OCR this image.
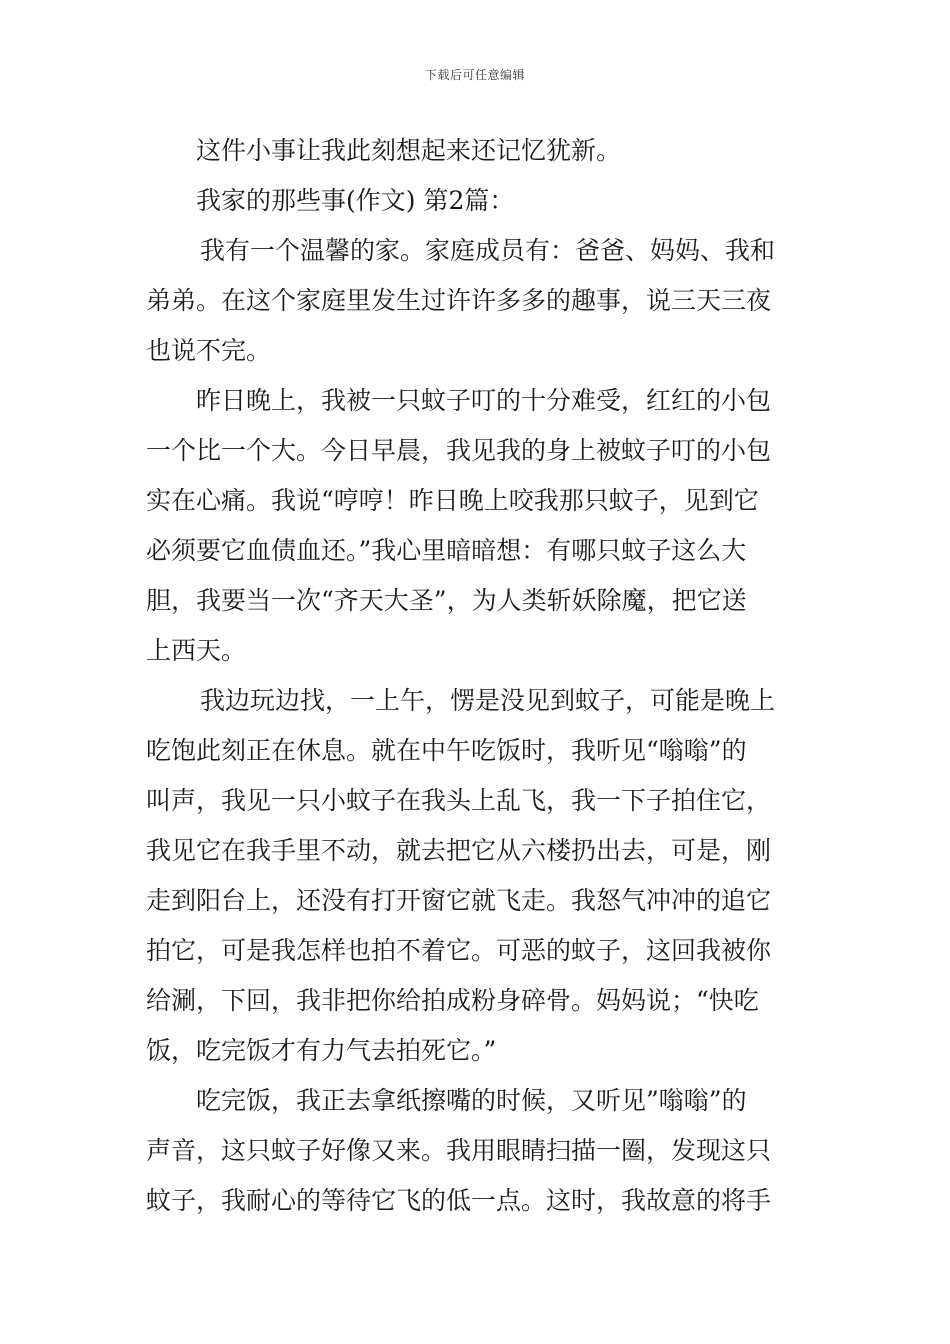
下载后可任意编辑
这件小事让我此刻想起来还记忆犹新。
我家的那些事(作文) 第2篇：
我有一个温馨的家。家庭成员有：爸爸、妈妈、我和
弟弟。在这个家庭里发生过许许多多的趣事，说三天三夜
也说不完。
昨日晚上，我被一只蚊子叮的十分难受，红红的小包
一个比一个大。今日早晨，我见我的身上被蚊子叮的小包
实在心痛。我说“哼哼！昨日晚上咬我那只蚊子，见到它
必须要它血债血还。”我心里暗暗想：有哪只蚊子这么大
胆，我要当一次“齐天大圣”，为人类斩妖除魔，把它送
上西天。
我边玩边找，一上午，愣是没见到蚊子，可能是晚上
吃饱此刻正在休息。就在中午吃饭时，我听见“嗡嗡”的
叫声，我见一只小蚊子在我头上乱飞，我一下子拍住它，
我见它在我手里不动，就去把它从六楼扔出去，可是，刚
走到阳台上，还没有打开窗它就飞走。我怒气冲冲的追它
拍它，可是我怎样也拍不着它。可恶的蚊子，这回我被你
给涮，下回，我非把你给拍成粉身碎骨。妈妈说；“快吃
饭，吃完饭才有力气去拍死它。”
吃完饭，我正去拿纸擦嘴的时候，又听见”嗡嗡”的
声音，这只蚊子好像又来。我用眼睛扫描一圈，发现这只
蚊子，我耐心的等待它飞的低一点。这时，我故意的将手
